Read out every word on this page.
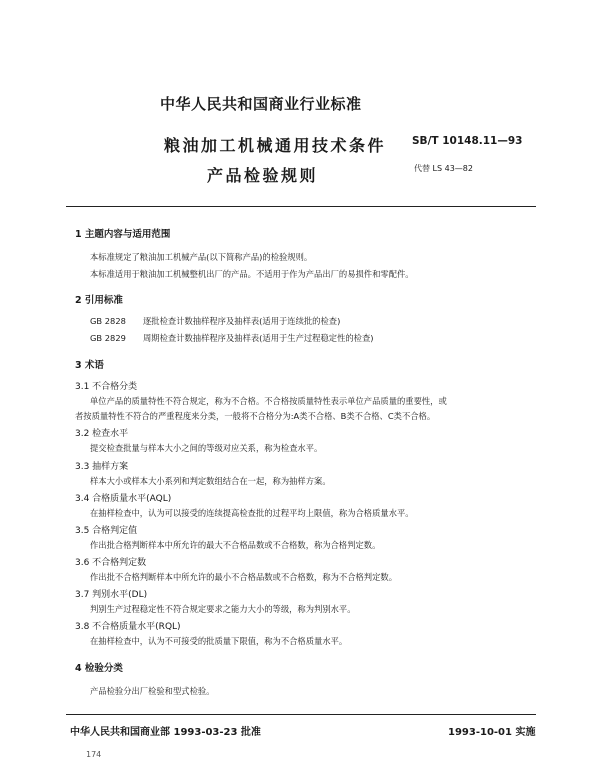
中华人民共和国商业行业标准
粮油加工机械通用技术条件
产品检验规则
SB/T 10148.11—93
代替 LS 43—82
1 主题内容与适用范围
本标准规定了粮油加工机械产品(以下简称产品)的检验规则。
本标准适用于粮油加工机械整机出厂的产品。不适用于作为产品出厂的易损件和零配件。
2 引用标准
GB 2828 逐批检查计数抽样程序及抽样表(适用于连续批的检查)
GB 2829 周期检查计数抽样程序及抽样表(适用于生产过程稳定性的检查)
3 术语
3.1 不合格分类
单位产品的质量特性不符合规定，称为不合格。不合格按质量特性表示单位产品质量的重要性，或
者按质量特性不符合的严重程度来分类，一般将不合格分为:A类不合格、B类不合格、C类不合格。
3.2 检查水平
提交检查批量与样本大小之间的等级对应关系，称为检查水平。
3.3 抽样方案
样本大小或样本大小系列和判定数组结合在一起，称为抽样方案。
3.4 合格质量水平(AQL)
在抽样检查中，认为可以接受的连续提高检查批的过程平均上限值，称为合格质量水平。
3.5 合格判定值
作出批合格判断样本中所允许的最大不合格品数或不合格数，称为合格判定数。
3.6 不合格判定数
作出批不合格判断样本中所允许的最小不合格品数或不合格数，称为不合格判定数。
3.7 判别水平(DL)
判别生产过程稳定性不符合规定要求之能力大小的等级，称为判别水平。
3.8 不合格质量水平(RQL)
在抽样检查中，认为不可接受的批质量下限值，称为不合格质量水平。
4 检验分类
产品检验分出厂检验和型式检验。
中华人民共和国商业部 1993-03-23 批准	1993-10-01 实施
174
